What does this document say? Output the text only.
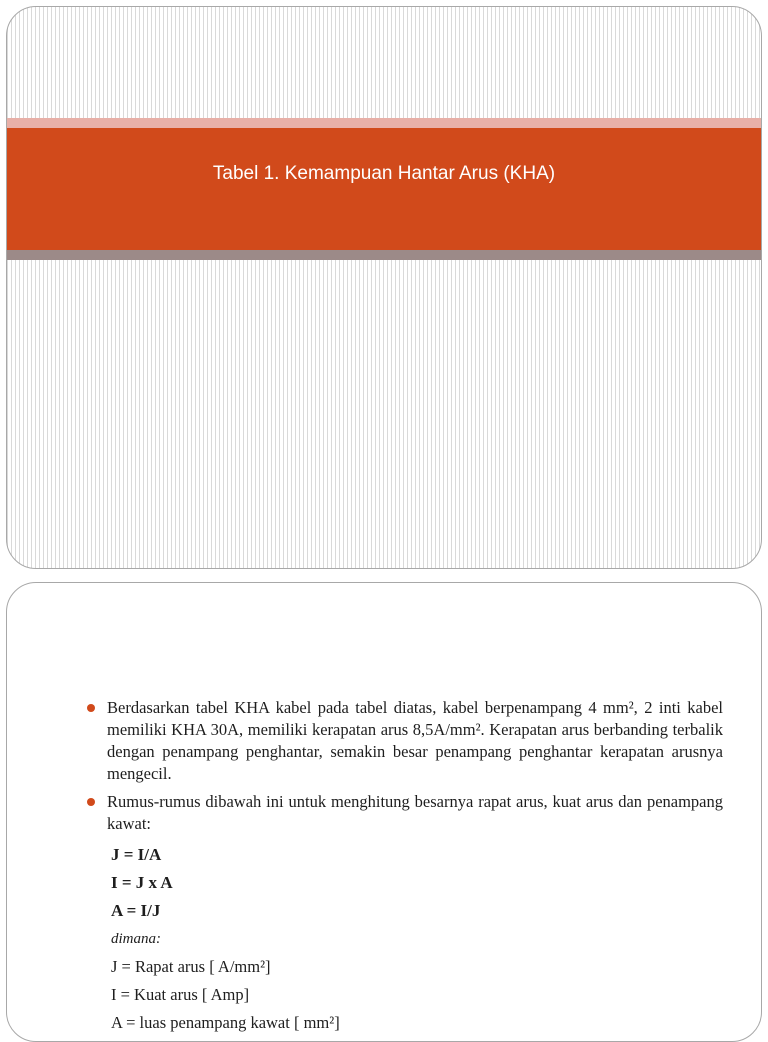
Tabel 1. Kemampuan Hantar Arus (KHA)
Berdasarkan tabel KHA kabel pada tabel diatas, kabel berpenampang 4 mm², 2 inti kabel memiliki KHA 30A, memiliki kerapatan arus 8,5A/mm². Kerapatan arus berbanding terbalik dengan penampang penghantar, semakin besar penampang penghantar kerapatan arusnya mengecil.
Rumus-rumus dibawah ini untuk menghitung besarnya rapat arus, kuat arus dan penampang kawat:
J = I/A
I = J x A
A = I/J
dimana:
J = Rapat arus [ A/mm²]
I = Kuat arus [ Amp]
A = luas penampang kawat [ mm²]
